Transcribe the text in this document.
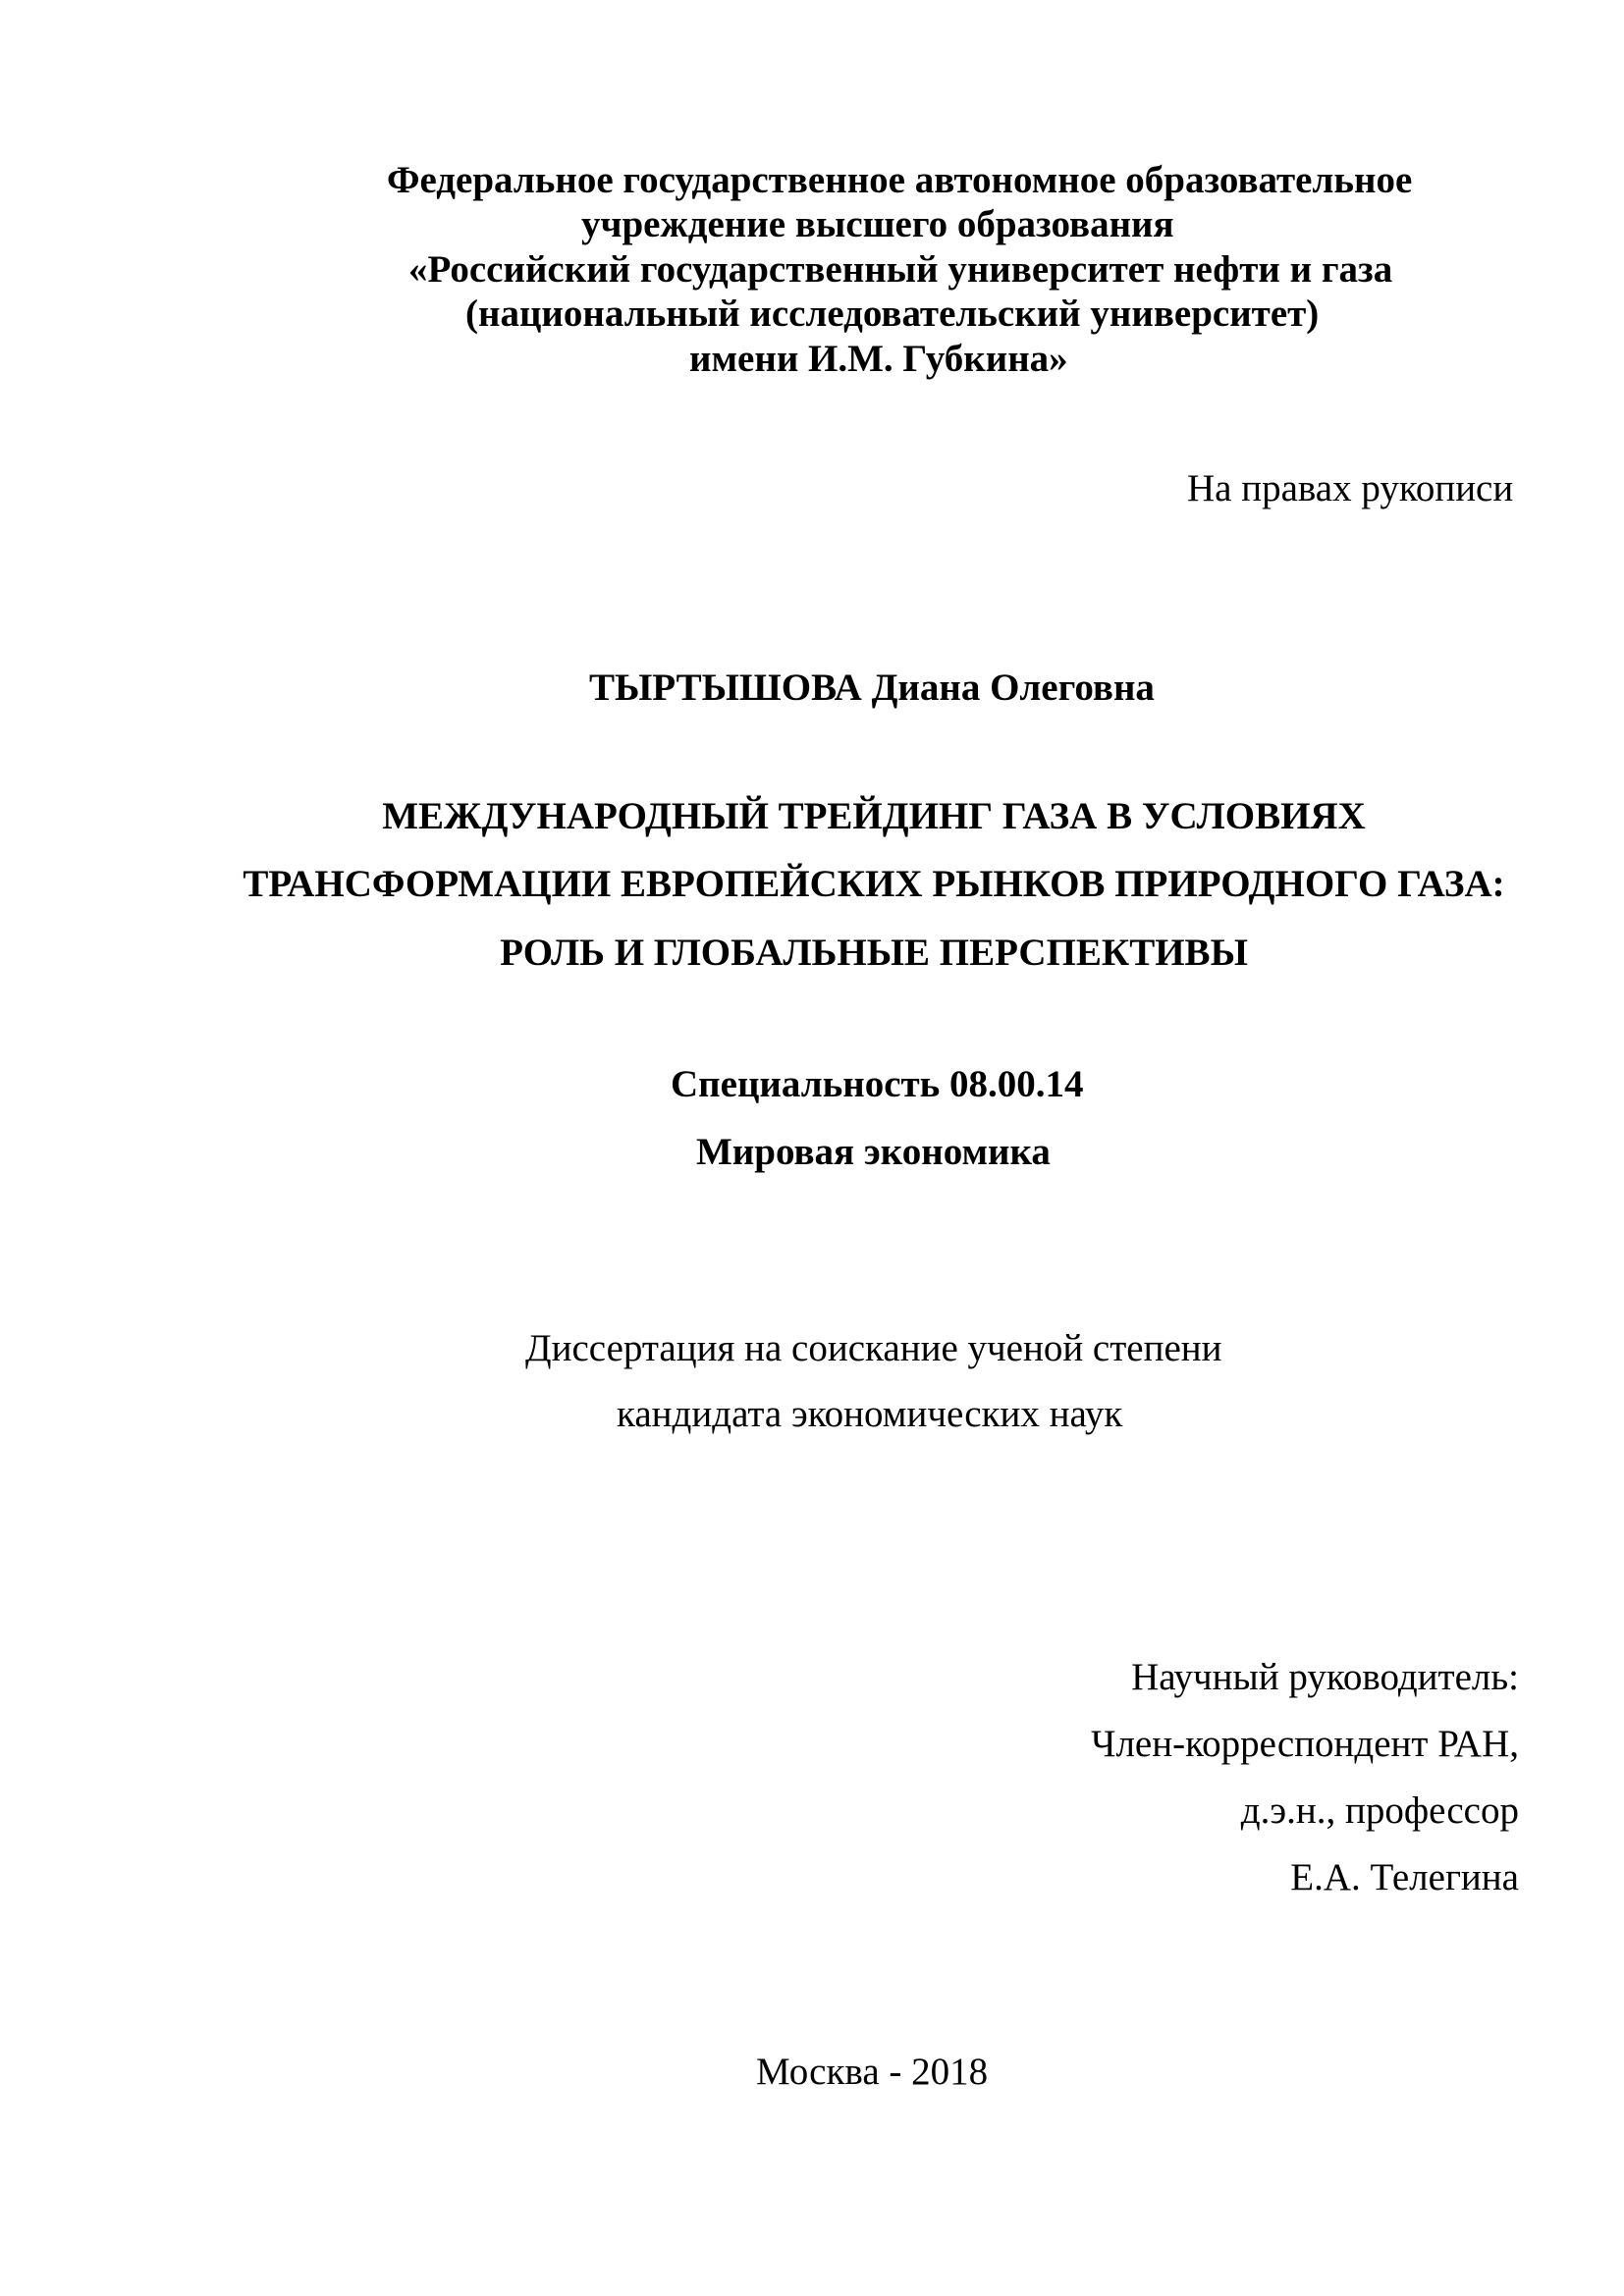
Федеральное государственное автономное образовательное
учреждение высшего образования
«Российский государственный университет нефти и газа
(национальный исследовательский университет)
имени И.М. Губкина»
На правах рукописи
ТЫРТЫШОВА Диана Олеговна
МЕЖДУНАРОДНЫЙ ТРЕЙДИНГ ГАЗА В УСЛОВИЯХ
ТРАНСФОРМАЦИИ ЕВРОПЕЙСКИХ РЫНКОВ ПРИРОДНОГО ГАЗА:
РОЛЬ И ГЛОБАЛЬНЫЕ ПЕРСПЕКТИВЫ
Специальность 08.00.14
Мировая экономика
Диссертация на соискание ученой степени
кандидата экономических наук
Научный руководитель:
Член-корреспондент РАН,
д.э.н., профессор
Е.А. Телегина
Москва - 2018
